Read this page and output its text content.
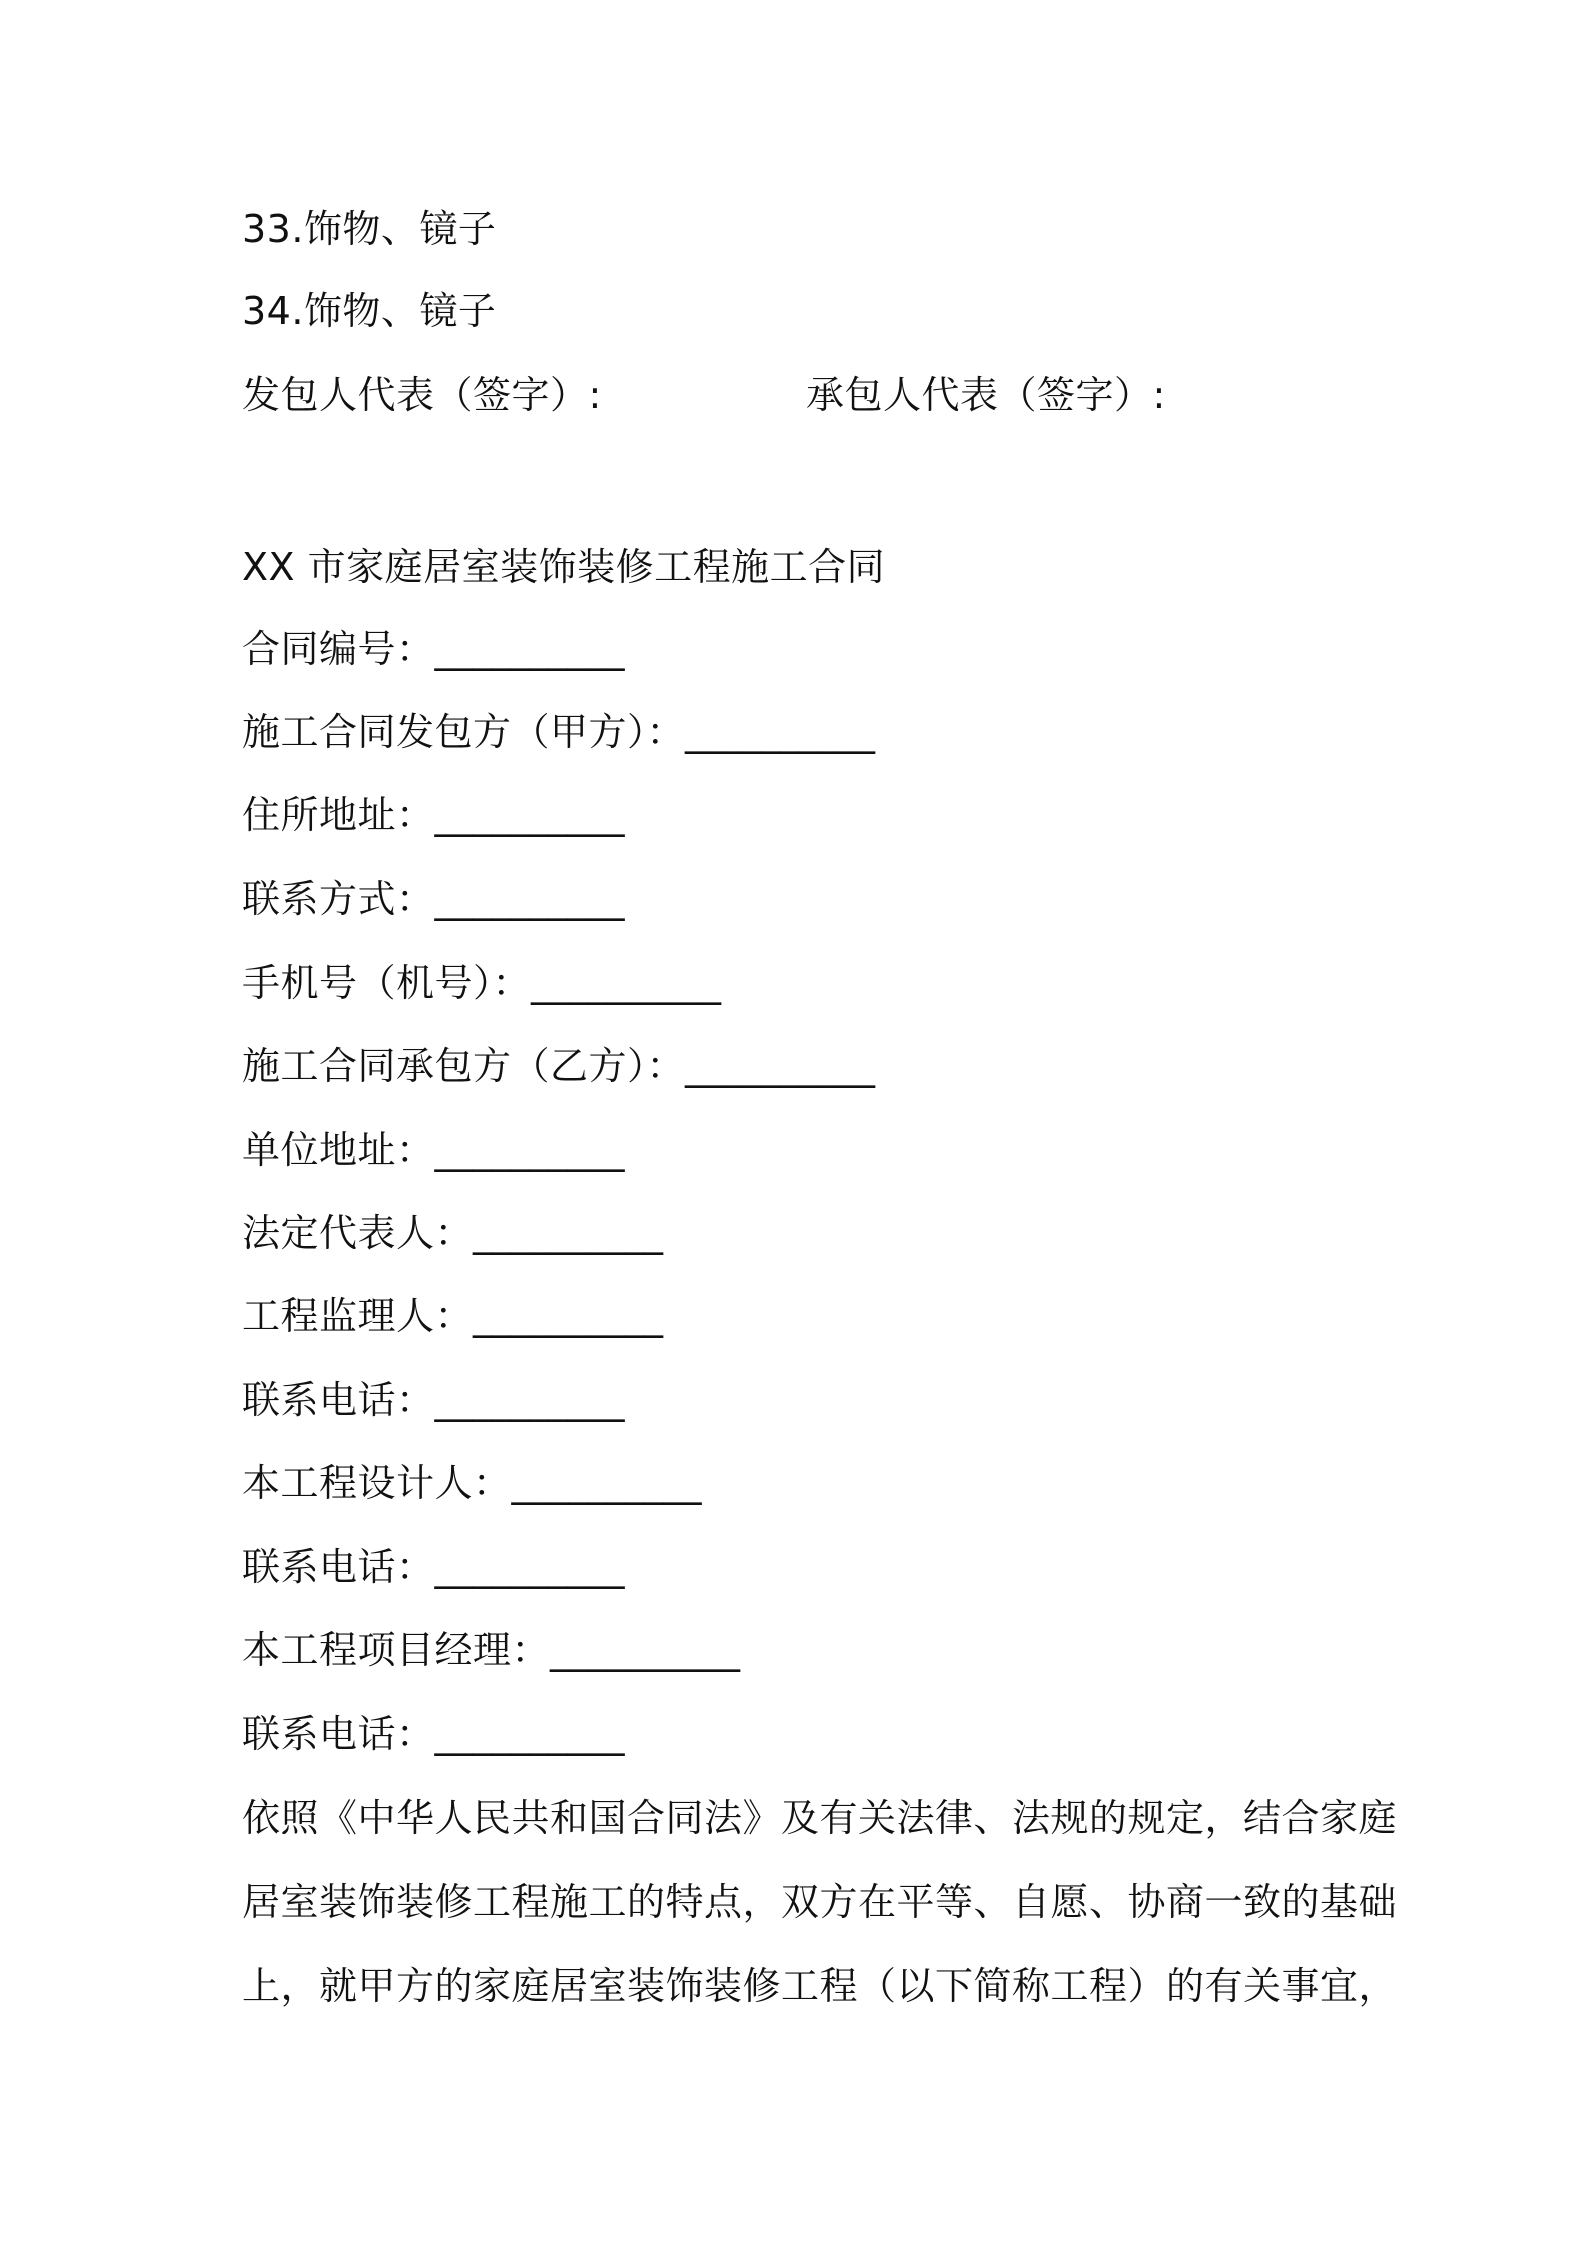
33.饰物、镜子
34.饰物、镜子
发包人代表（签字）:	承包人代表（签字）:
XX 市家庭居室装饰装修工程施工合同
合同编号：__________
施工合同发包方（甲方）：__________
住所地址：__________
联系方式：__________
手机号（机号）：__________
施工合同承包方（乙方）：__________
单位地址：__________
法定代表人：__________
工程监理人：__________
联系电话：__________
本工程设计人：__________
联系电话：__________
本工程项目经理：__________
联系电话：__________
依照《中华人民共和国合同法》及有关法律、法规的规定，结合家庭
居室装饰装修工程施工的特点，双方在平等、自愿、协商一致的基础
上，就甲方的家庭居室装饰装修工程（以下简称工程）的有关事宜，
